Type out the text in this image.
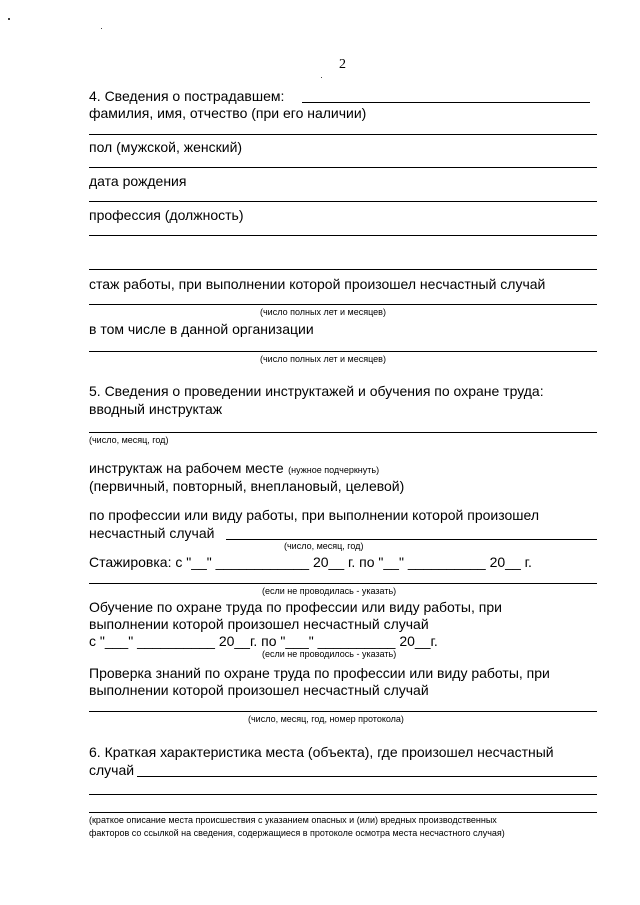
2
4. Сведения о пострадавшем:
фамилия, имя, отчество (при его наличии)
пол (мужской, женский)
дата рождения
профессия (должность)
стаж работы, при выполнении которой произошел несчастный случай
(число полных лет и месяцев)
в том числе в данной организации
(число полных лет и месяцев)
5. Сведения о проведении инструктажей и обучения по охране труда:
вводный инструктаж
(число, месяц, год)
инструктаж на рабочем месте (нужное подчеркнуть)
(первичный, повторный, внеплановый, целевой)
по профессии или виду работы, при выполнении которой произошел
несчастный случай
(число, месяц, год)
Стажировка: с "__" ____________ 20__ г. по "__" __________ 20__ г.
(если не проводилась - указать)
Обучение по охране труда по профессии или виду работы, при
выполнении которой произошел несчастный случай
с "___" __________ 20__г. по "___" __________ 20__г.
(если не проводилось - указать)
Проверка знаний по охране труда по профессии или виду работы, при
выполнении которой произошел несчастный случай
(число, месяц, год, номер протокола)
6. Краткая характеристика места (объекта), где произошел несчастный
случай
(краткое описание места происшествия с указанием опасных и (или) вредных производственных
факторов со ссылкой на сведения, содержащиеся в протоколе осмотра места несчастного случая)
